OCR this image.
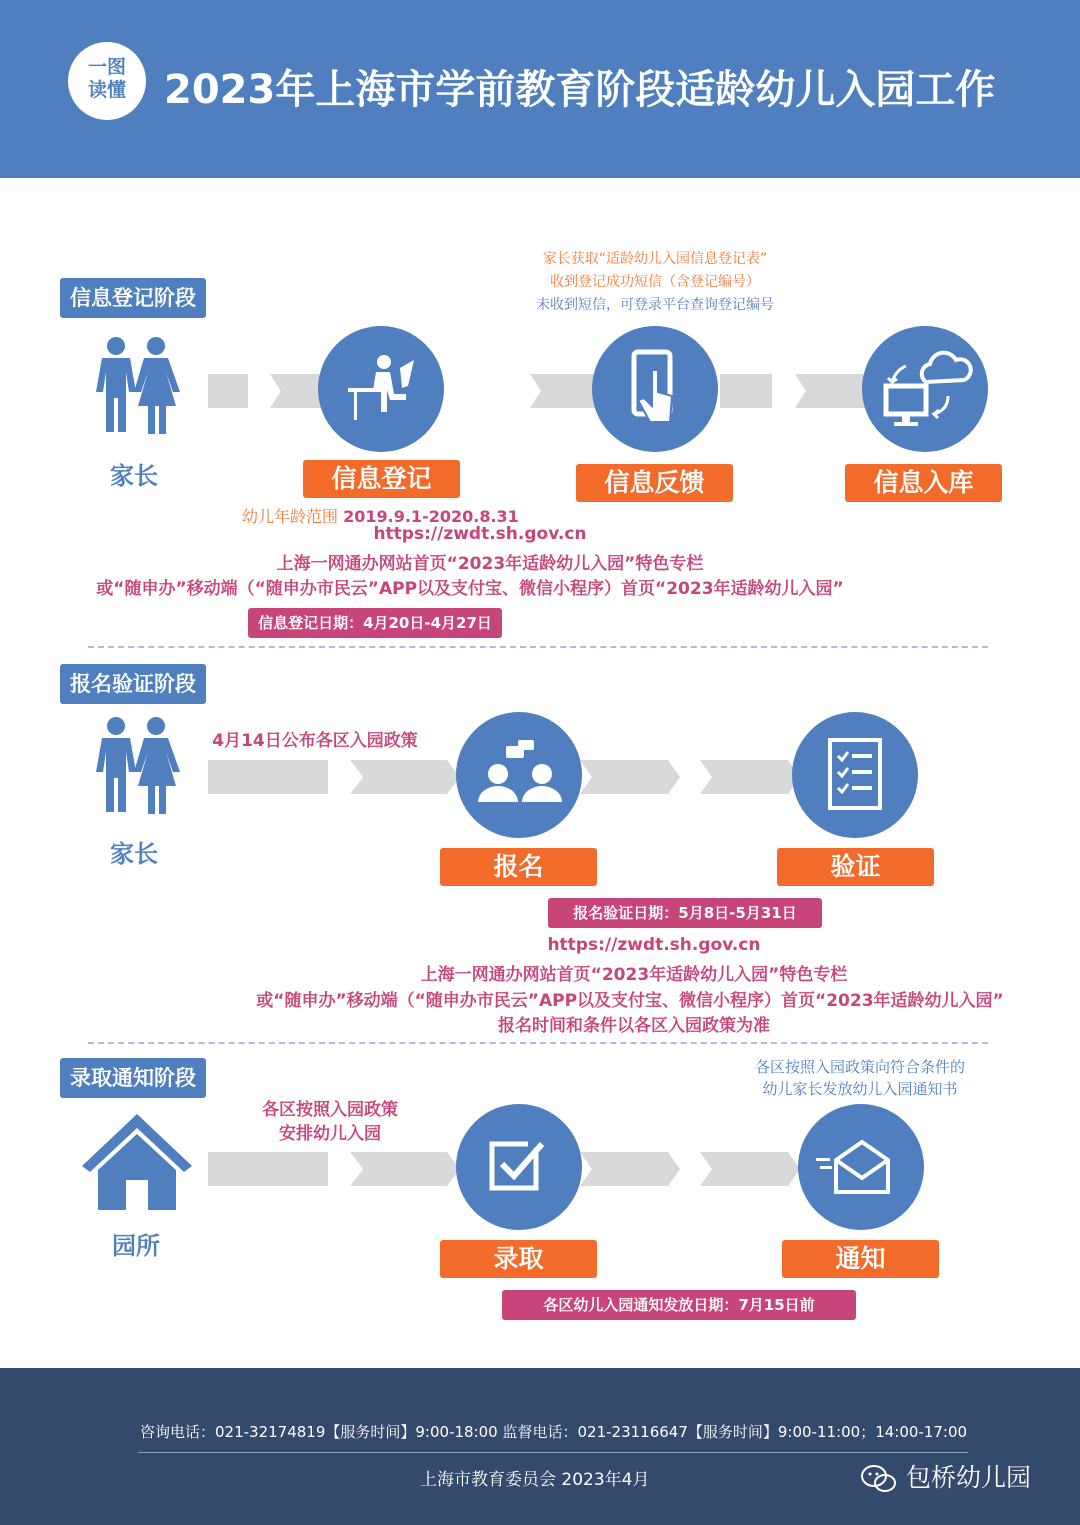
一图
读懂 2023年上海市学前教育阶段适龄幼儿入园工作
信息登记阶段
家长	信息登记	信息反馈	信息入库
家长获取“适龄幼儿入园信息登记表”
收到登记成功短信（含登记编号）
未收到短信，可登录平台查询登记编号
幼儿年龄范围 2019.9.1-2020.8.31
https://zwdt.sh.gov.cn
上海一网通办网站首页“2023年适龄幼儿入园”特色专栏
或“随申办”移动端（“随申办市民云”APP以及支付宝、微信小程序）首页“2023年适龄幼儿入园”
信息登记日期：4月20日-4月27日
报名验证阶段
家长
4月14日公布各区入园政策
报名	验证
报名验证日期：5月8日-5月31日
https://zwdt.sh.gov.cn
上海一网通办网站首页“2023年适龄幼儿入园”特色专栏
或“随申办”移动端（“随申办市民云”APP以及支付宝、微信小程序）首页“2023年适龄幼儿入园”
报名时间和条件以各区入园政策为准
录取通知阶段
园所
各区按照入园政策
安排幼儿入园
各区按照入园政策向符合条件的
幼儿家长发放幼儿入园通知书
录取	通知
各区幼儿入园通知发放日期：7月15日前
咨询电话：021-32174819【服务时间】9:00-18:00 监督电话：021-23116647【服务时间】9:00-11:00；14:00-17:00
上海市教育委员会 2023年4月	包桥幼儿园
